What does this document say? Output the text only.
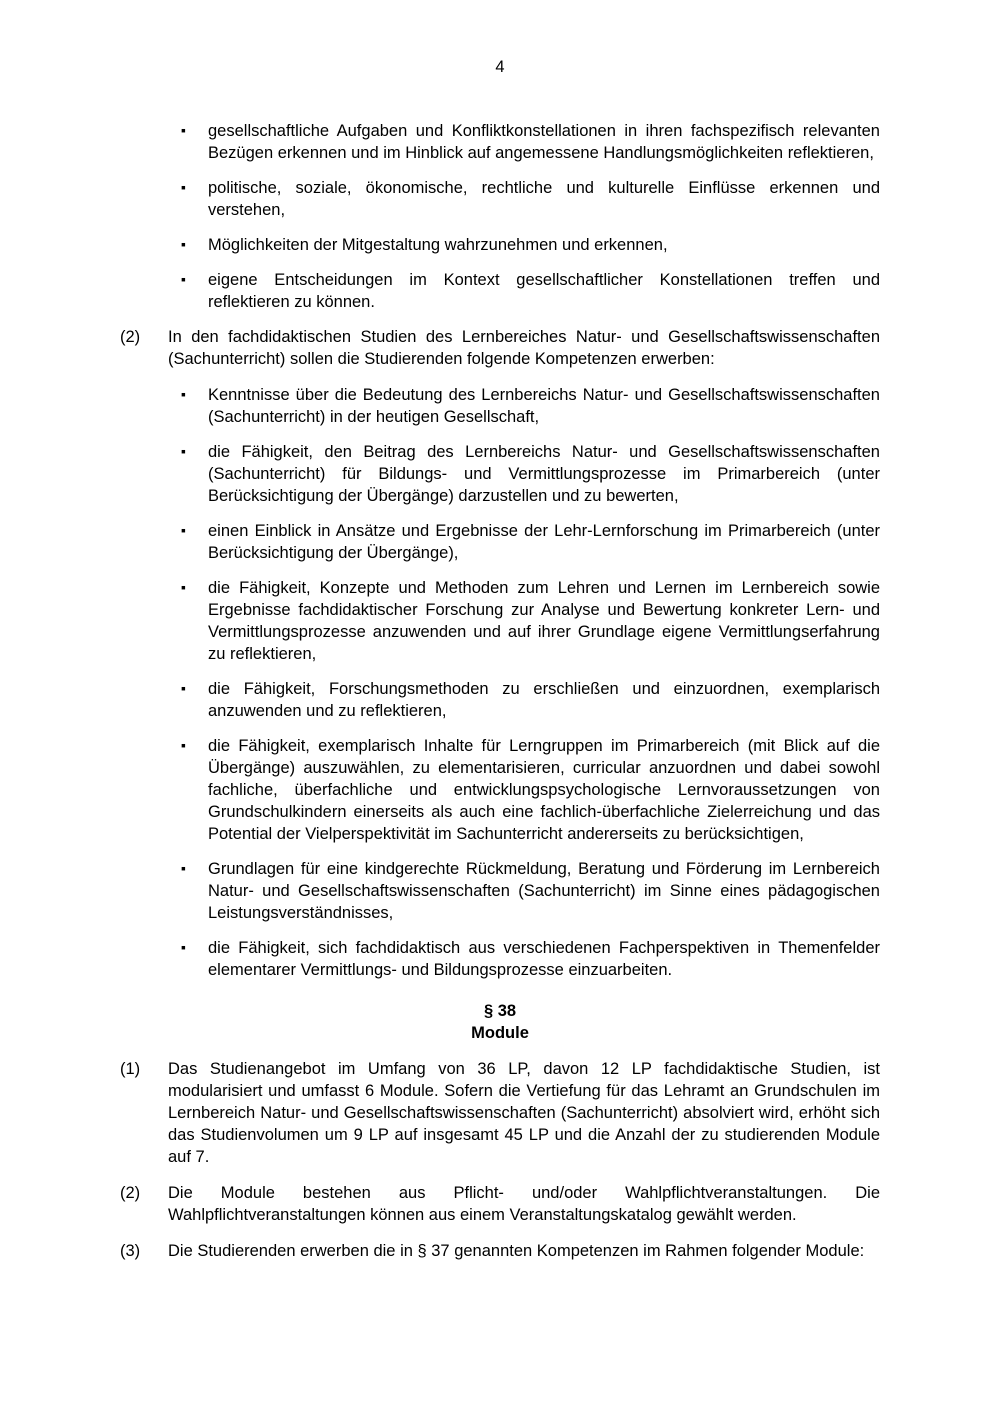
4
▪ gesellschaftliche Aufgaben und Konfliktkonstellationen in ihren fachspezifisch relevanten Bezügen erkennen und im Hinblick auf angemessene Handlungsmöglichkeiten reflektieren,
▪ politische, soziale, ökonomische, rechtliche und kulturelle Einflüsse erkennen und verstehen,
▪ Möglichkeiten der Mitgestaltung wahrzunehmen und erkennen,
▪ eigene Entscheidungen im Kontext gesellschaftlicher Konstellationen treffen und reflektieren zu können.
(2) In den fachdidaktischen Studien des Lernbereiches Natur- und Gesellschaftswissenschaften (Sachunterricht) sollen die Studierenden folgende Kompetenzen erwerben:
▪ Kenntnisse über die Bedeutung des Lernbereichs Natur- und Gesellschaftswissenschaften (Sachunterricht) in der heutigen Gesellschaft,
▪ die Fähigkeit, den Beitrag des Lernbereichs Natur- und Gesellschaftswissenschaften (Sachunterricht) für Bildungs- und Vermittlungsprozesse im Primarbereich (unter Berücksichtigung der Übergänge) darzustellen und zu bewerten,
▪ einen Einblick in Ansätze und Ergebnisse der Lehr-Lernforschung im Primarbereich (unter Berücksichtigung der Übergänge),
▪ die Fähigkeit, Konzepte und Methoden zum Lehren und Lernen im Lernbereich sowie Ergebnisse fachdidaktischer Forschung zur Analyse und Bewertung konkreter Lern- und Vermittlungsprozesse anzuwenden und auf ihrer Grundlage eigene Vermittlungserfahrung zu reflektieren,
▪ die Fähigkeit, Forschungsmethoden zu erschließen und einzuordnen, exemplarisch anzuwenden und zu reflektieren,
▪ die Fähigkeit, exemplarisch Inhalte für Lerngruppen im Primarbereich (mit Blick auf die Übergänge) auszuwählen, zu elementarisieren, curricular anzuordnen und dabei sowohl fachliche, überfachliche und entwicklungspsychologische Lernvoraussetzungen von Grundschulkindern einerseits als auch eine fachlich-überfachliche Zielerreichung und das Potential der Vielperspektivität im Sachunterricht andererseits zu berücksichtigen,
▪ Grundlagen für eine kindgerechte Rückmeldung, Beratung und Förderung im Lernbereich Natur- und Gesellschaftswissenschaften (Sachunterricht) im Sinne eines pädagogischen Leistungsverständnisses,
▪ die Fähigkeit, sich fachdidaktisch aus verschiedenen Fachperspektiven in Themenfelder elementarer Vermittlungs- und Bildungsprozesse einzuarbeiten.
§ 38
Module
(1) Das Studienangebot im Umfang von 36 LP, davon 12 LP fachdidaktische Studien, ist modularisiert und umfasst 6 Module. Sofern die Vertiefung für das Lehramt an Grundschulen im Lernbereich Natur- und Gesellschaftswissenschaften (Sachunterricht) absolviert wird, erhöht sich das Studienvolumen um 9 LP auf insgesamt 45 LP und die Anzahl der zu studierenden Module auf 7.
(2) Die Module bestehen aus Pflicht- und/oder Wahlpflichtveranstaltungen. Die Wahlpflichtveranstaltungen können aus einem Veranstaltungskatalog gewählt werden.
(3) Die Studierenden erwerben die in § 37 genannten Kompetenzen im Rahmen folgender Module:
